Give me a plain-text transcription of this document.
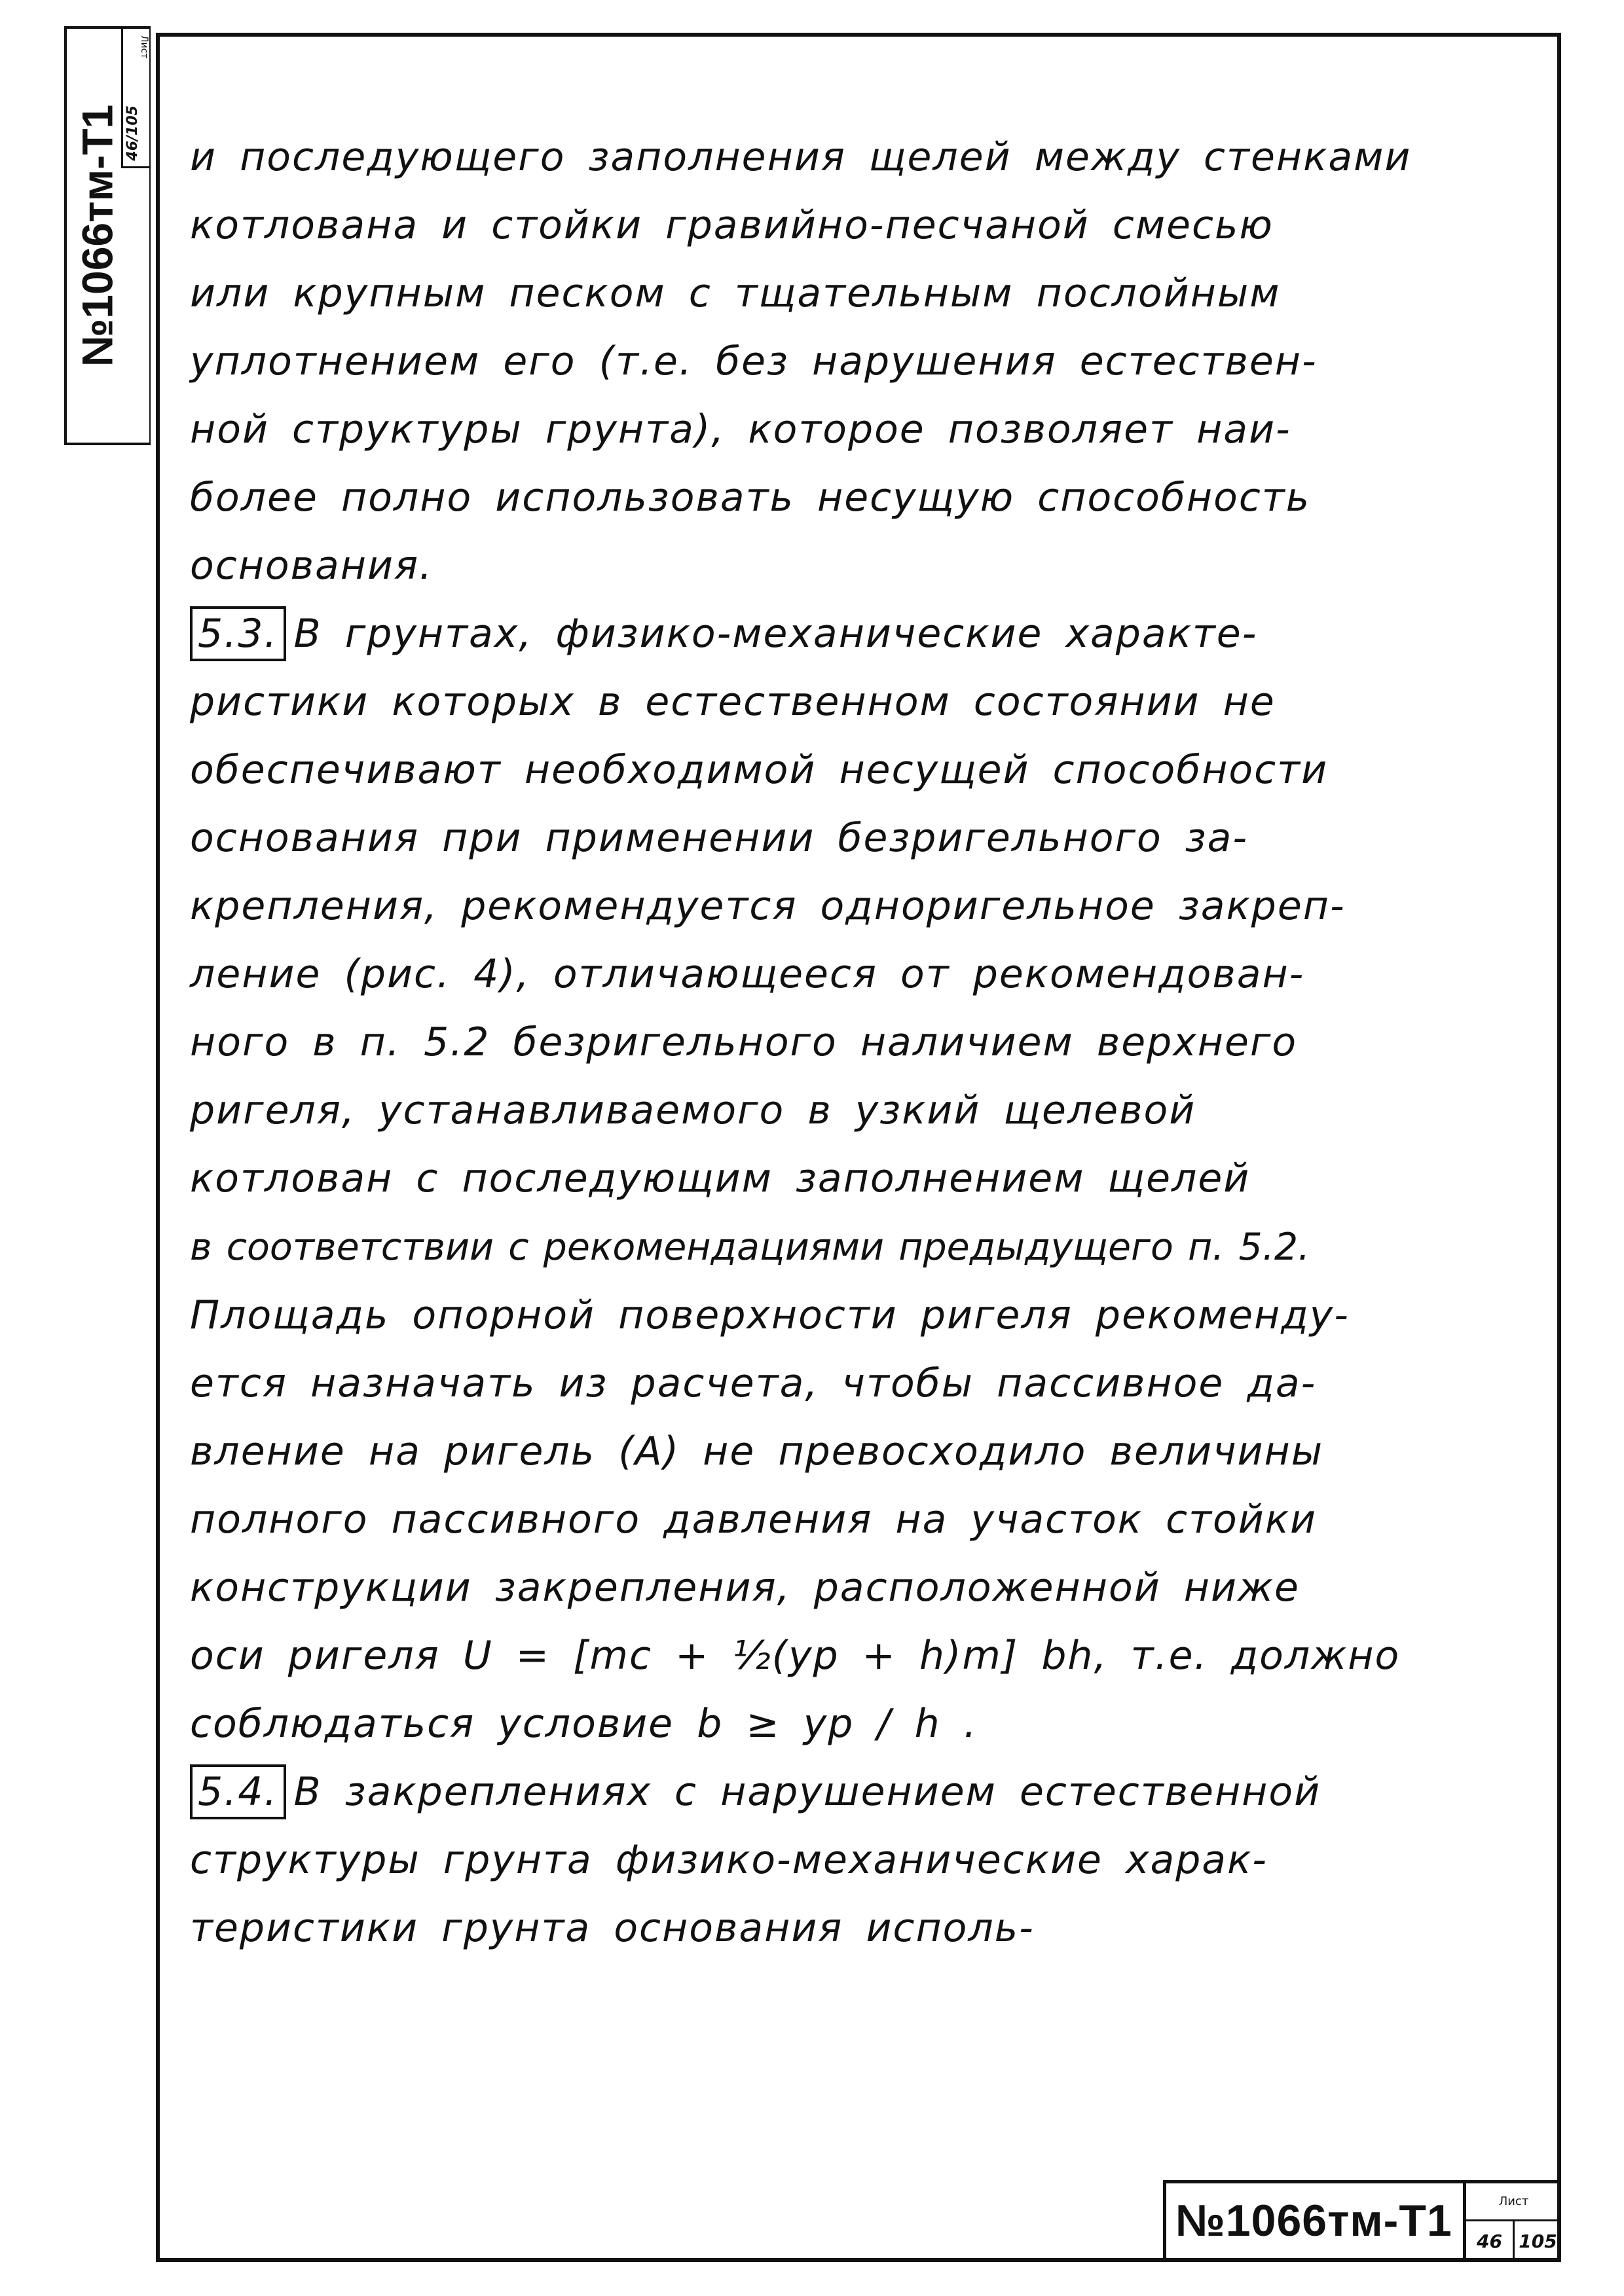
№1066тм-Т1
Лист
46/105

и последующего заполнения щелей между стенками
котлована и стойки гравийно-песчаной смесью
или крупным песком с тщательным послойным
уплотнением его (т.е. без нарушения естествен-
ной структуры грунта), которое позволяет наи-
более полно использовать несущую способность
основания.

5.3. В грунтах, физико-механические характе-
ристики которых в естественном состоянии не
обеспечивают необходимой несущей способности
основания при применении безригельного за-
крепления, рекомендуется одноригельное закреп-
ление (рис. 4), отличающееся от рекомендован-
ного в п. 5.2 безригельного наличием верхнего
ригеля, устанавливаемого в узкий щелевой
котлован с последующим заполнением щелей
в соответствии с рекомендациями предыдущего п. 5.2.
Площадь опорной поверхности ригеля рекоменду-
ется назначать из расчета, чтобы пассивное да-
вление на ригель (А) не превосходило величины
полного пассивного давления на участок стойки
конструкции закрепления, расположенной ниже
оси ригеля U = [mc + ½(yp + h)m] bh, т.е. должно
соблюдаться условие b ≥ yp / h .

5.4. В закреплениях с нарушением естественной
структуры грунта физико-механические харак-
теристики грунта основания исполь-

№1066тм-Т1	Лист
46 105
